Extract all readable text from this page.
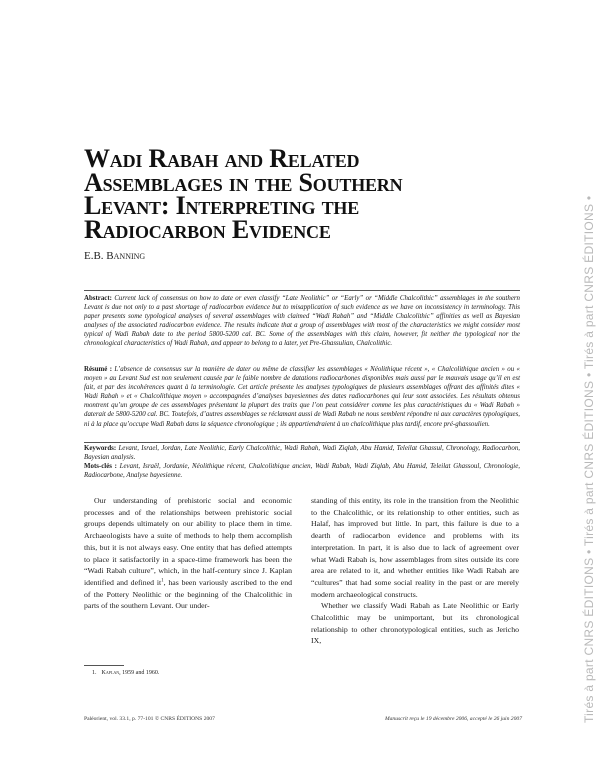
Wadi Rabah and Related
Assemblages in the Southern
Levant: Interpreting the
Radiocarbon Evidence

E.B. Banning

Abstract: Current lack of consensus on how to date or even classify “Late Neolithic” or “Early” or “Middle Chalcolithic” assemblages in the southern Levant is due not only to a past shortage of radiocarbon evidence but to misapplication of such evidence as we have on inconsistency in terminology. This paper presents some typological analyses of several assemblages with claimed “Wadi Rabah” and “Middle Chalcolithic” affinities as well as Bayesian analyses of the associated radiocarbon evidence. The results indicate that a group of assemblages with most of the characteristics we might consider most typical of Wadi Rabah date to the period 5800-5200 cal. BC. Some of the assemblages with this claim, however, fit neither the typological nor the chronological characteristics of Wadi Rabah, and appear to belong to a later, yet Pre-Ghassulian, Chalcolithic.

Résumé : L’absence de consensus sur la manière de dater ou même de classifier les assemblages « Néolithique récent », « Chalcolithique ancien » ou « moyen » au Levant Sud est non seulement causée par le faible nombre de datations radiocarbones disponibles mais aussi par le mauvais usage qu’il en est fait, et par des incohérences quant à la terminologie. Cet article présente les analyses typologiques de plusieurs assemblages offrant des affinités dites « Wadi Rabah » et « Chalcolithique moyen » accompagnées d’analyses bayesiennes des dates radiocarbones qui leur sont associées. Les résultats obtenus montrent qu’un groupe de ces assemblages présentant la plupart des traits que l’on peut considérer comme les plus caractéristiques du « Wadi Rabah » daterait de 5800-5200 cal. BC. Toutefois, d’autres assemblages se réclamant aussi de Wadi Rabah ne nous semblent répondre ni aux caractères typologiques, ni à la place qu’occupe Wadi Rabah dans la séquence chronologique ; ils appartiendraient à un chalcolithique plus tardif, encore pré-ghassoulien.

Keywords: Levant, Israel, Jordan, Late Neolithic, Early Chalcolithic, Wadi Rabah, Wadi Ziqlab, Abu Hamid, Teleilat Ghassul, Chronology, Radiocarbon, Bayesian analysis.

Mots-clés : Levant, Israël, Jordanie, Néolithique récent, Chalcolithique ancien, Wadi Rabah, Wadi Ziqlab, Abu Hamid, Teleilat Ghassoul, Chronologie, Radiocarbone, Analyse bayesienne.

Our understanding of prehistoric social and economic processes and of the relationships between prehistoric social groups depends ultimately on our ability to place them in time. Archaeologists have a suite of methods to help them accomplish this, but it is not always easy. One entity that has defied attempts to place it satisfactorily in a space-time framework has been the “Wadi Rabah culture”, which, in the half-century since J. Kaplan identified and defined $it^1$, has been variously ascribed to the end of the Pottery Neolithic or the beginning of the Chalcolithic in parts of the southern Levant. Our under-

standing of this entity, its role in the transition from the Neolithic to the Chalcolithic, or its relationship to other entities, such as Halaf, has improved but little. In part, this failure is due to a dearth of radiocarbon evidence and problems with its interpretation. In part, it is also due to lack of agreement over what Wadi Rabah is, how assemblages from sites outside its core area are related to it, and whether entities like Wadi Rabah are “cultures” that had some social reality in the past or are merely modern archaeological constructs.

Whether we classify Wadi Rabah as Late Neolithic or Early Chalcolithic may be unimportant, but its chronological relationship to other chronotypological entities, such as Jericho IX,

1. Kaplan, 1959 and 1960.

Paléorient, vol. 33.1, p. 77-101 © CNRS ÉDITIONS 2007	Manuscrit reçu le 19 décembre 2006, accepté le 26 juin 2007	Tirés à part CNRS ÉDITIONS • Tirés à part CNRS ÉDITIONS • Tirés à part CNRS ÉDITIONS •
